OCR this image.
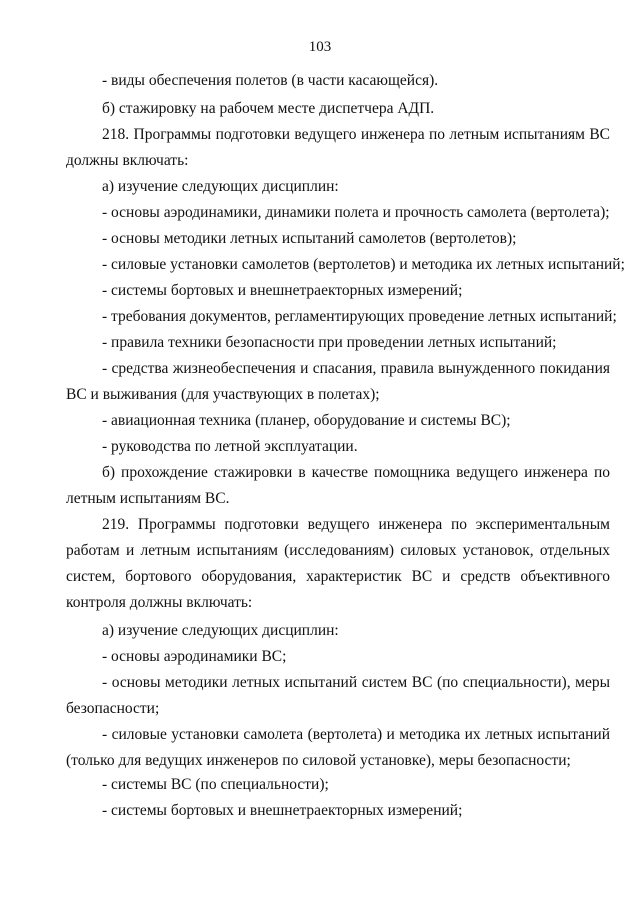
103

- виды обеспечения полетов (в части касающейся).

б) стажировку на рабочем месте диспетчера АДП.

218. Программы подготовки ведущего инженера по летным испытаниям ВС должны включать:

а) изучение следующих дисциплин:

- основы аэродинамики, динамики полета и прочность самолета (вертолета);

- основы методики летных испытаний самолетов (вертолетов);

- силовые установки самолетов (вертолетов) и методика их летных испытаний;

- системы бортовых и внешнетраекторных измерений;

- требования документов, регламентирующих проведение летных испытаний;

- правила техники безопасности при проведении летных испытаний;

- средства жизнеобеспечения и спасания, правила вынужденного покидания ВС и выживания (для участвующих в полетах);

- авиационная техника (планер, оборудование и системы ВС);

- руководства по летной эксплуатации.

б) прохождение стажировки в качестве помощника ведущего инженера по летным испытаниям ВС.

219. Программы подготовки ведущего инженера по экспериментальным работам и летным испытаниям (исследованиям) силовых установок, отдельных систем, бортового оборудования, характеристик ВС и средств объективного контроля должны включать:

а) изучение следующих дисциплин:

- основы аэродинамики ВС;

- основы методики летных испытаний систем ВС (по специальности), меры безопасности;

- силовые установки самолета (вертолета) и методика их летных испытаний (только для ведущих инженеров по силовой установке), меры безопасности;

- системы ВС (по специальности);

- системы бортовых и внешнетраекторных измерений;
